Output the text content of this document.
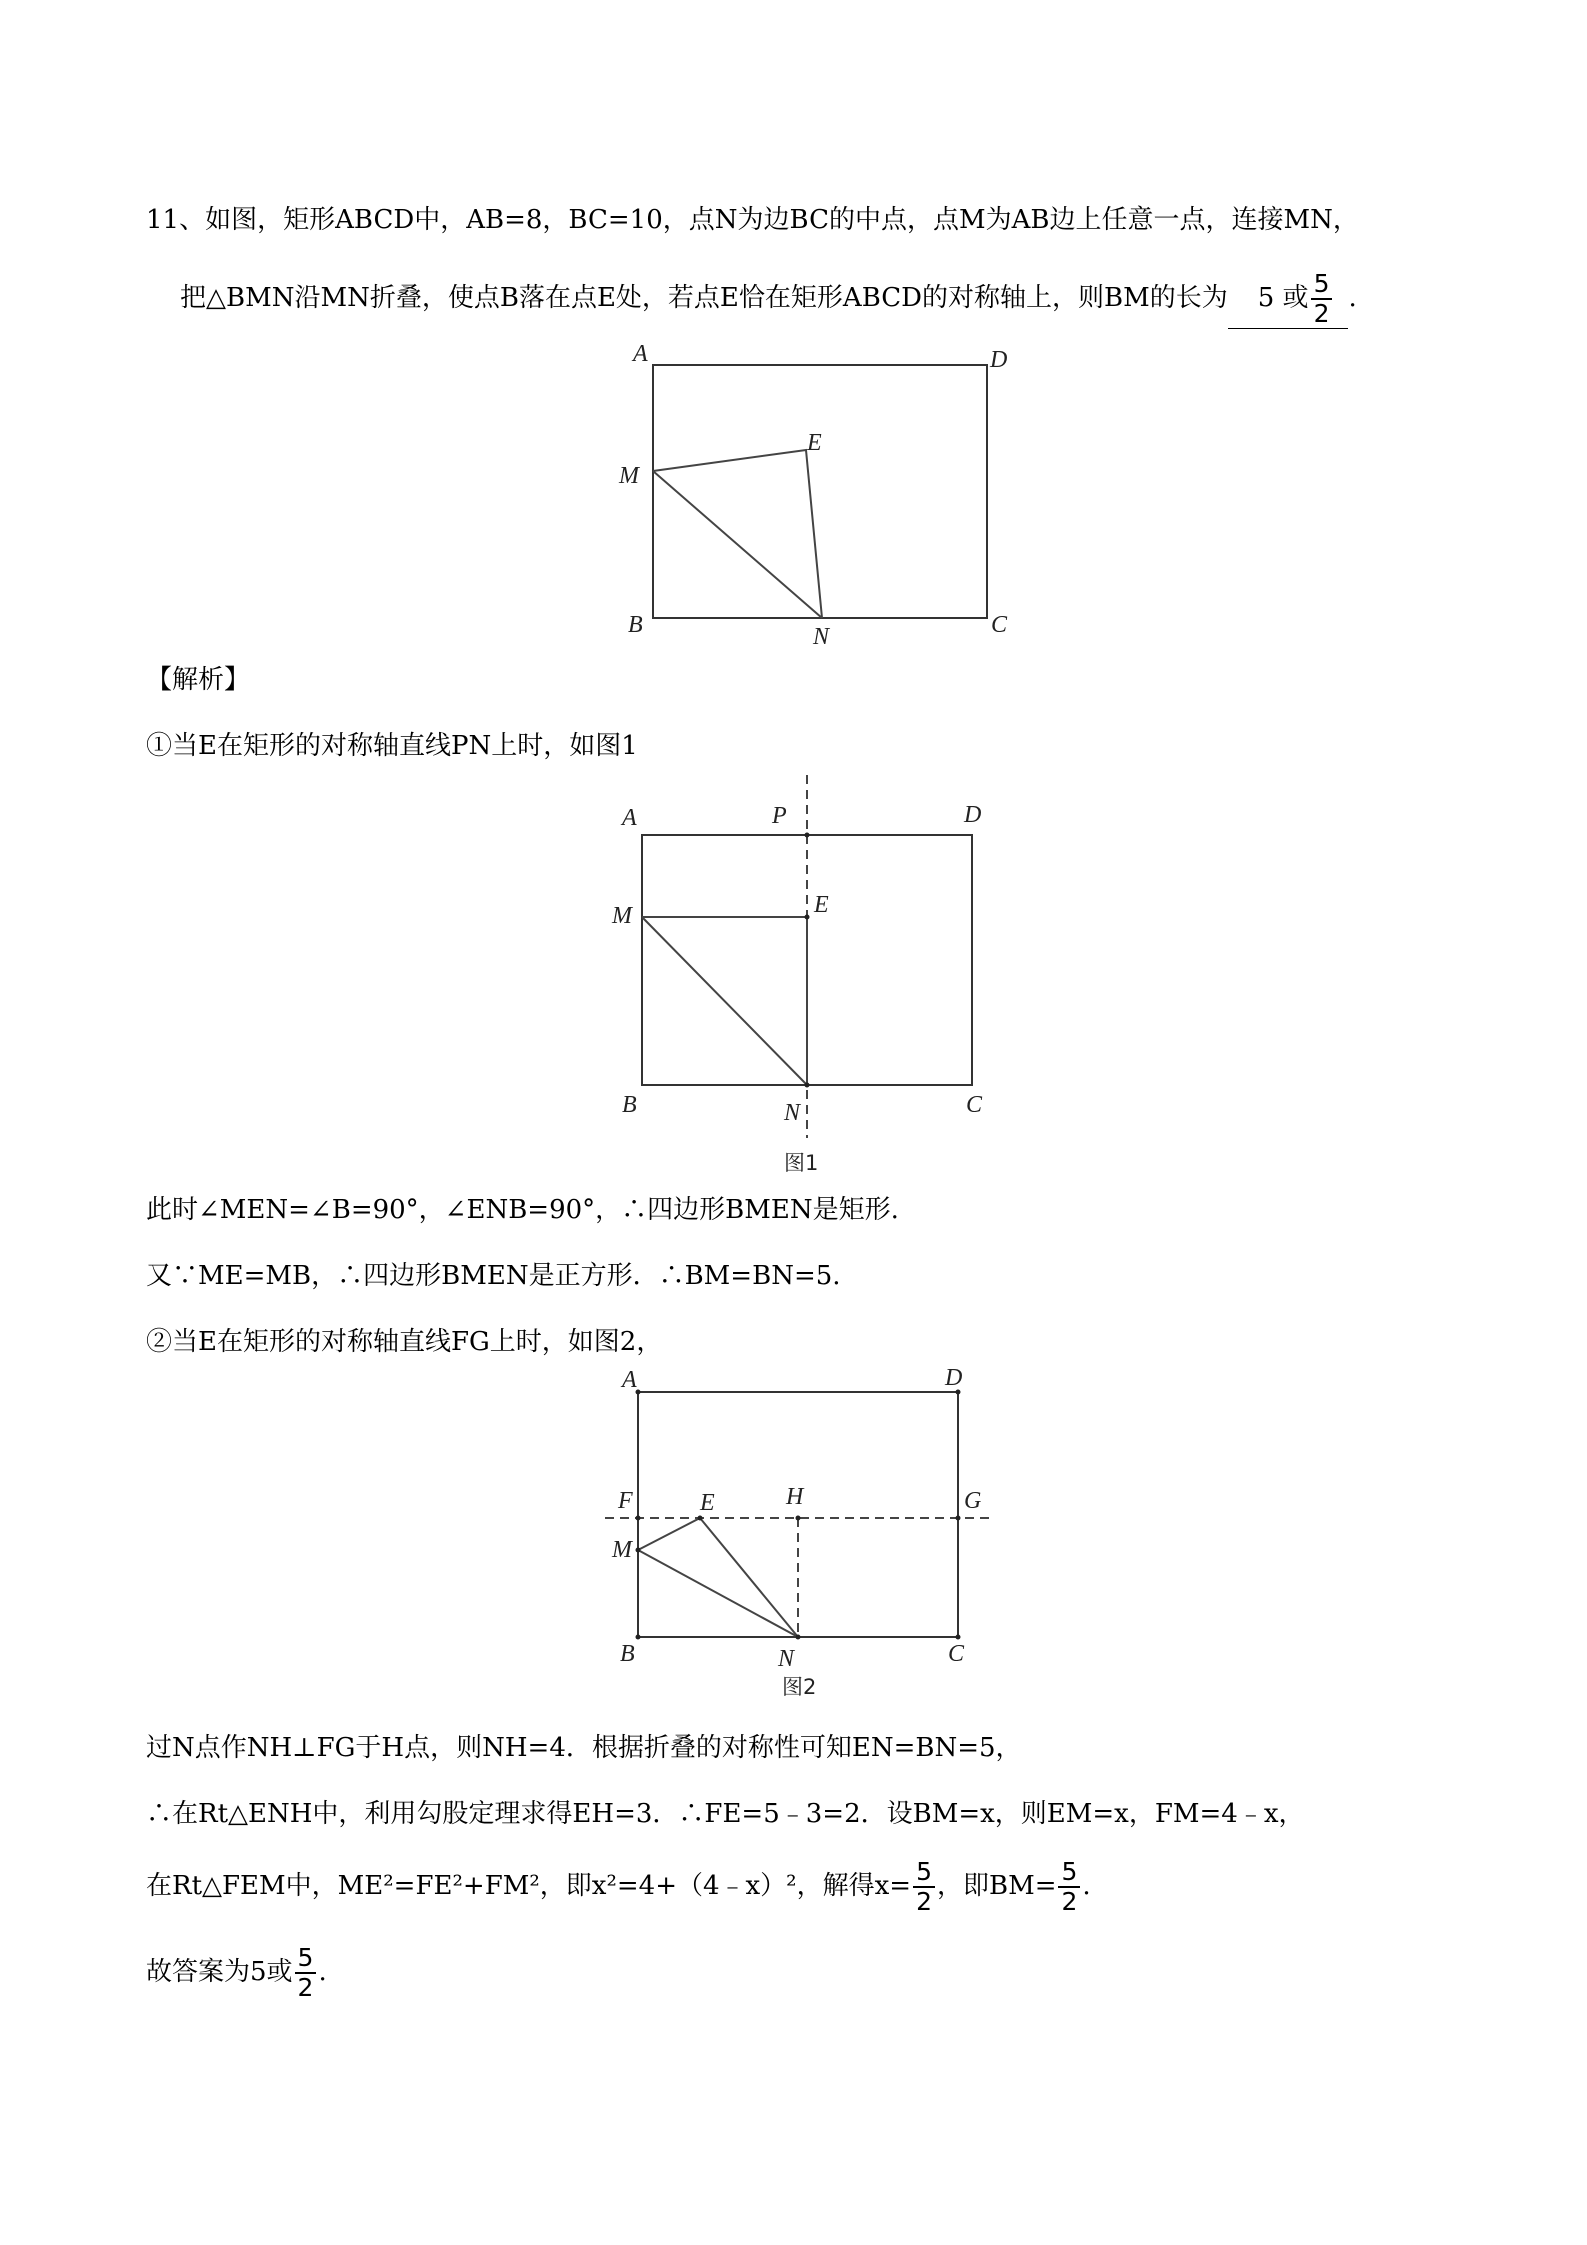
11、如图，矩形ABCD中，AB=8，BC=10，点N为边BC的中点，点M为AB边上任意一点，连接MN，
把△BMN沿MN折叠，使点B落在点E处，若点E恰在矩形ABCD的对称轴上，则BM的长为 5 或 $\frac{5}{2}$ .
A	D
M
E
B	N	C
【解析】
①当E在矩形的对称轴直线PN上时，如图1
A	P	D
M	E
B	N	C
图1
此时∠MEN=∠B=90°，∠ENB=90°，∴四边形BMEN是矩形.
又∵ME=MB，∴四边形BMEN是正方形．∴BM=BN=5.
②当E在矩形的对称轴直线FG上时，如图2，
A	D
F	E	H	G
M
B	N	C
图2
过N点作NH⊥FG于H点，则NH=4．根据折叠的对称性可知EN=BN=5，
∴在Rt△ENH中，利用勾股定理求得EH=3．∴FE=5﹣3=2．设BM=x，则EM=x，FM=4﹣x，
在Rt△FEM中，ME²=FE²+FM²，即x²=4+（4﹣x）²，解得$x= \frac{5}{2}$ ，即$BM= \frac{5}{2}$ .
故答案为5或 $\frac{5}{2}$ .
